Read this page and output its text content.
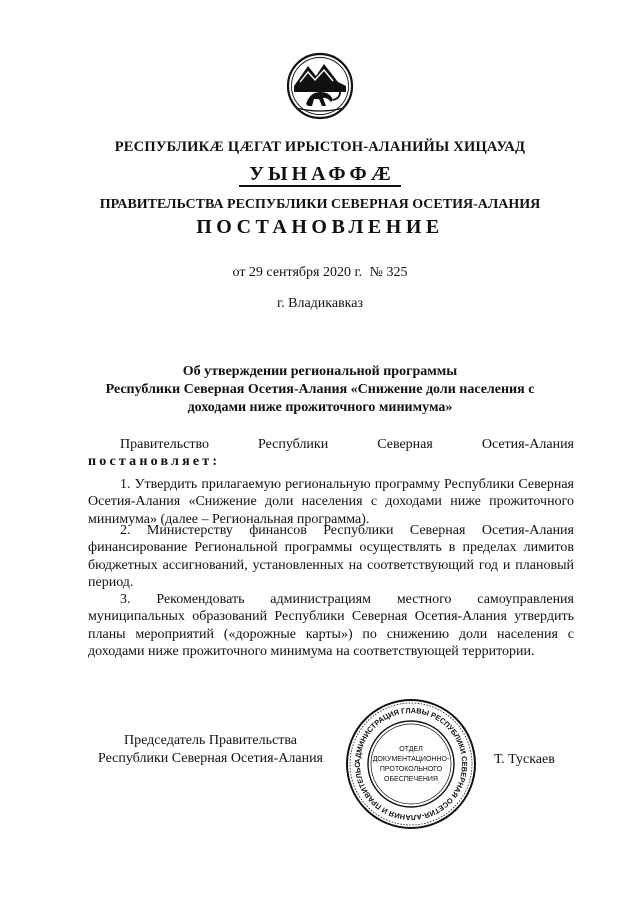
РЕСПУБЛИКӔ ЦӔГАТ ИРЫСТОН-АЛАНИЙЫ ХИЦАУАД
УЫНАФФӔ
ПРАВИТЕЛЬСТВА РЕСПУБЛИКИ СЕВЕРНАЯ ОСЕТИЯ-АЛАНИЯ
ПОСТАНОВЛЕНИЕ
от 29 сентября 2020 г. № 325
г. Владикавказ
Об утверждении региональной программы
Республики Северная Осетия-Алания «Снижение доли населения с
доходами ниже прожиточного минимума»
Правительство	Республики	Северная	Осетия-Алания
постановляет:
1. Утвердить прилагаемую региональную программу Республики Северная Осетия-Алания «Снижение доли населения с доходами ниже прожиточного минимума» (далее – Региональная программа).
2. Министерству финансов Республики Северная Осетия-Алания финансирование Региональной программы осуществлять в пределах лимитов бюджетных ассигнований, установленных на соответствующий год и плановый период.
3. Рекомендовать администрациям местного самоуправления муниципальных образований Республики Северная Осетия-Алания утвердить планы мероприятий («дорожные карты») по снижению доли населения с доходами ниже прожиточного минимума на соответствующей территории.
Председатель Правительства
Республики Северная Осетия-Алания	Т. Тускаев
АДМИНИСТРАЦИЯ ГЛАВЫ РЕСПУБЛИКИ СЕВЕРНАЯ ОСЕТИЯ-АЛАНИЯ И ПРАВИТЕЛЬС
ОТДЕЛ
ДОКУМЕНТАЦИОННО-
ПРОТОКОЛЬНОГО
ОБЕСПЕЧЕНИЯ
